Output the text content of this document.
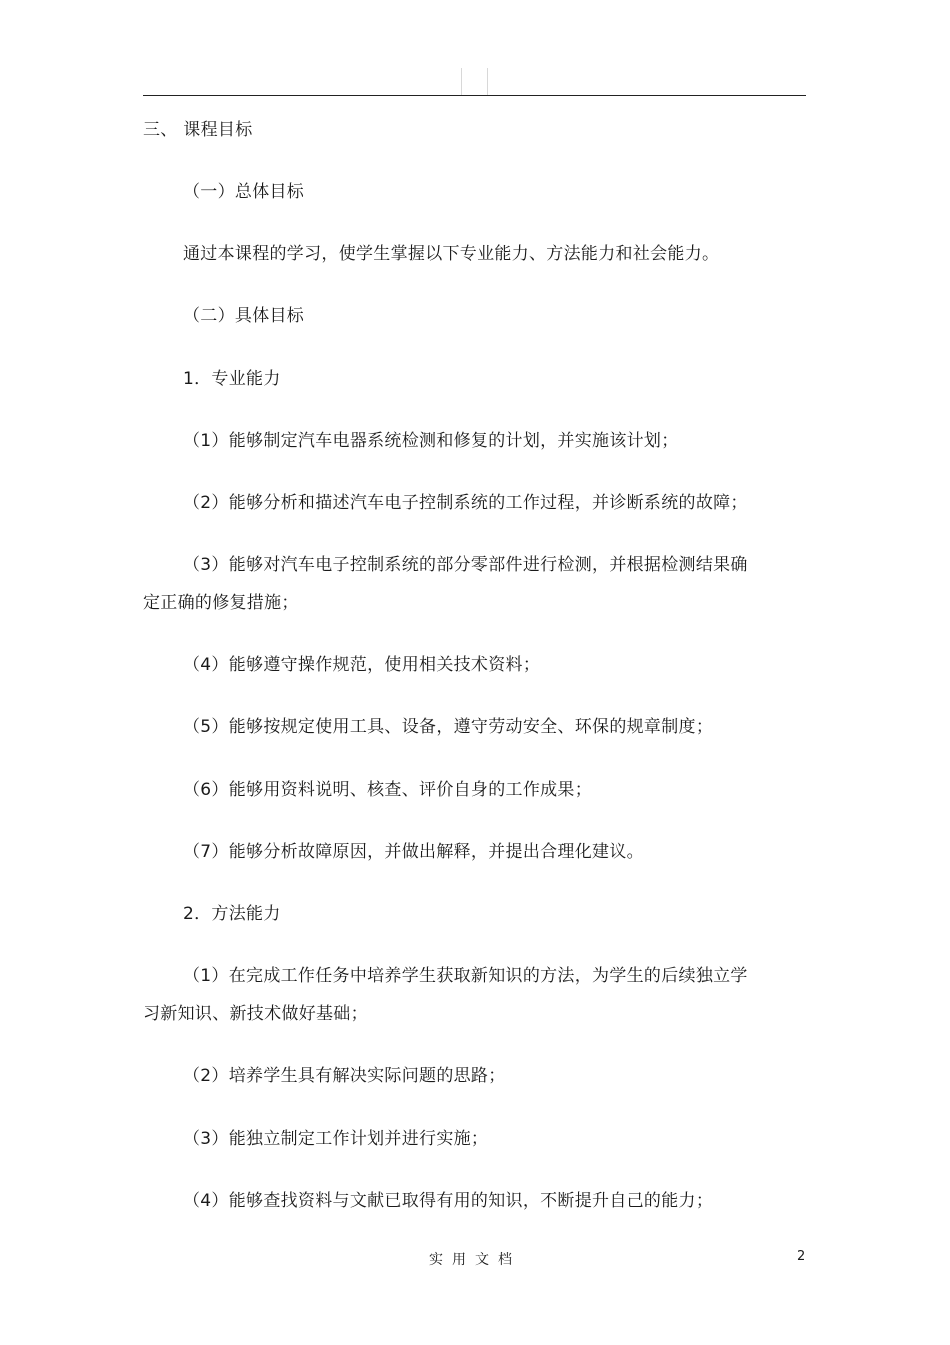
三、 课程目标
（一）总体目标
通过本课程的学习，使学生掌握以下专业能力、方法能力和社会能力。
（二）具体目标
1．专业能力
（1）能够制定汽车电器系统检测和修复的计划，并实施该计划；
（2）能够分析和描述汽车电子控制系统的工作过程，并诊断系统的故障；
（3）能够对汽车电子控制系统的部分零部件进行检测，并根据检测结果确
定正确的修复措施；
（4）能够遵守操作规范，使用相关技术资料；
（5）能够按规定使用工具、设备，遵守劳动安全、环保的规章制度；
（6）能够用资料说明、核查、评价自身的工作成果；
（7）能够分析故障原因，并做出解释，并提出合理化建议。
2．方法能力
（1）在完成工作任务中培养学生获取新知识的方法，为学生的后续独立学
习新知识、新技术做好基础；
（2）培养学生具有解决实际问题的思路；
（3）能独立制定工作计划并进行实施；
（4）能够查找资料与文献已取得有用的知识，不断提升自己的能力；
实用文档	2
